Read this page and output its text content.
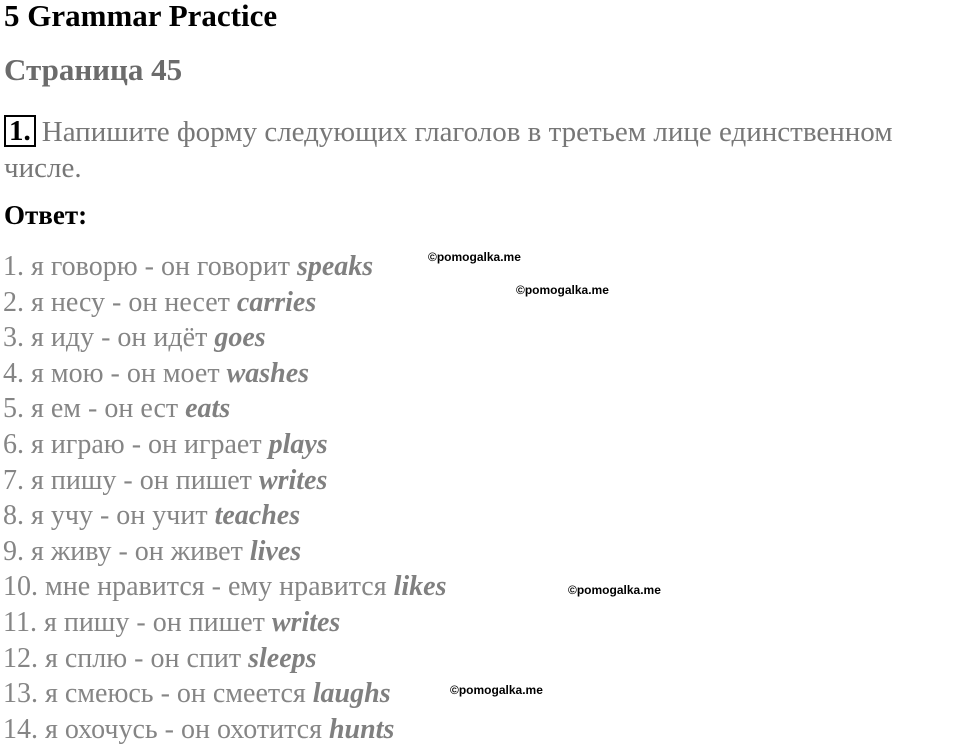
5 Grammar Practice
Страница 45
1. Напишите форму следующих глаголов в третьем лице единственном числе.
Ответ:
1. я говорю - он говорит speaks
2. я несу - он несет carries
3. я иду - он идёт goes
4. я мою - он моет washes
5. я ем - он ест eats
6. я играю - он играет plays
7. я пишу - он пишет writes
8. я учу - он учит teaches
9. я живу - он живет lives
10. мне нравится - ему нравится likes
11. я пишу - он пишет writes
12. я сплю - он спит sleeps
13. я смеюсь - он смеется laughs
14. я охочусь - он охотится hunts
©pomogalka.me
©pomogalka.me
©pomogalka.me
©pomogalka.me
